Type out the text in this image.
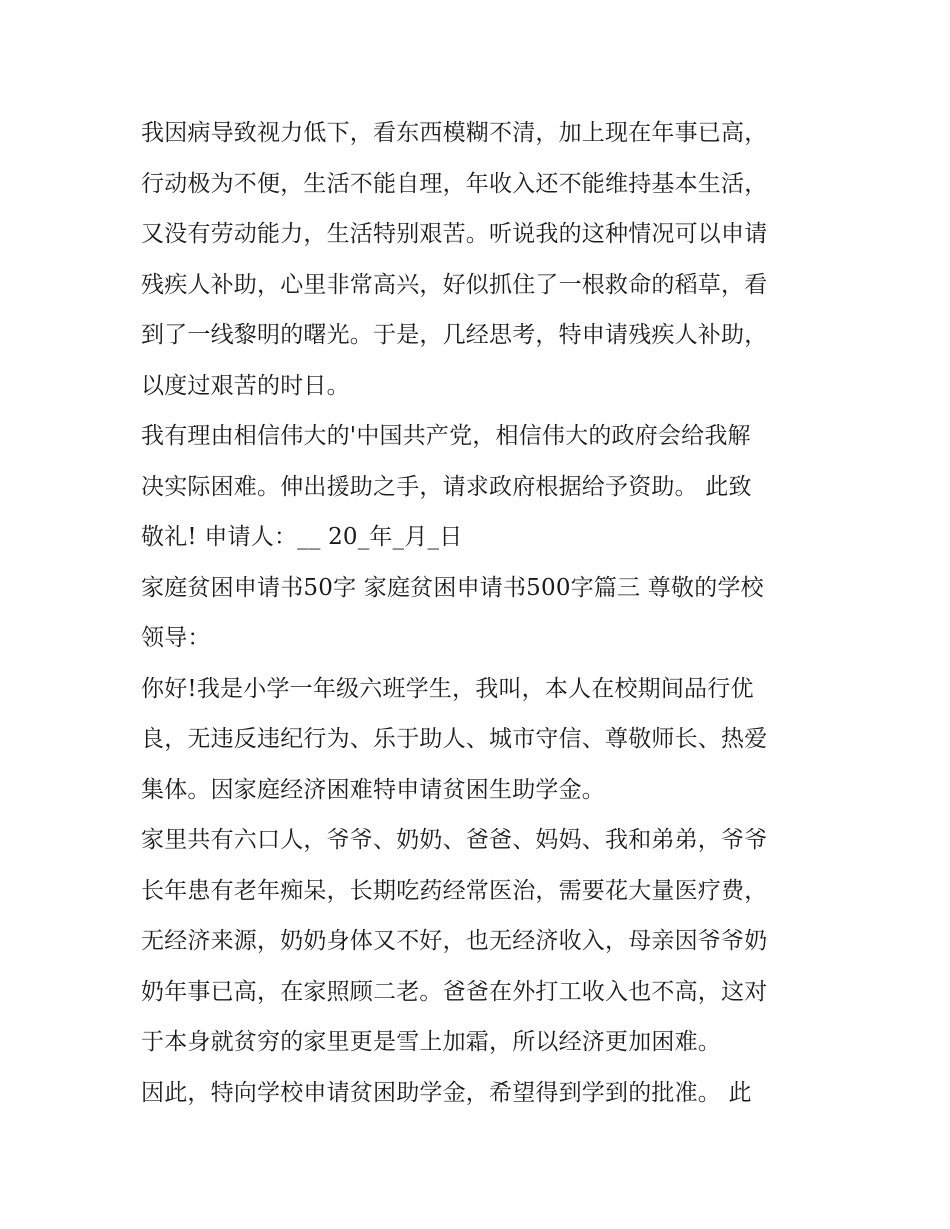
我因病导致视力低下，看东西模糊不清，加上现在年事已高，
行动极为不便，生活不能自理，年收入还不能维持基本生活，
又没有劳动能力，生活特别艰苦。听说我的这种情况可以申请
残疾人补助，心里非常高兴，好似抓住了一根救命的稻草，看
到了一线黎明的曙光。于是，几经思考，特申请残疾人补助，
以度过艰苦的时日。
我有理由相信伟大的'中国共产党，相信伟大的政府会给我解
决实际困难。伸出援助之手，请求政府根据给予资助。 此致
敬礼! 申请人：__ 20_年_月_日
家庭贫困申请书50字 家庭贫困申请书500字篇三 尊敬的学校
领导：
你好!我是小学一年级六班学生，我叫，本人在校期间品行优
良，无违反违纪行为、乐于助人、城市守信、尊敬师长、热爱
集体。因家庭经济困难特申请贫困生助学金。
家里共有六口人，爷爷、奶奶、爸爸、妈妈、我和弟弟，爷爷
长年患有老年痴呆，长期吃药经常医治，需要花大量医疗费，
无经济来源，奶奶身体又不好，也无经济收入，母亲因爷爷奶
奶年事已高，在家照顾二老。爸爸在外打工收入也不高，这对
于本身就贫穷的家里更是雪上加霜，所以经济更加困难。
因此，特向学校申请贫困助学金，希望得到学到的批准。 此
